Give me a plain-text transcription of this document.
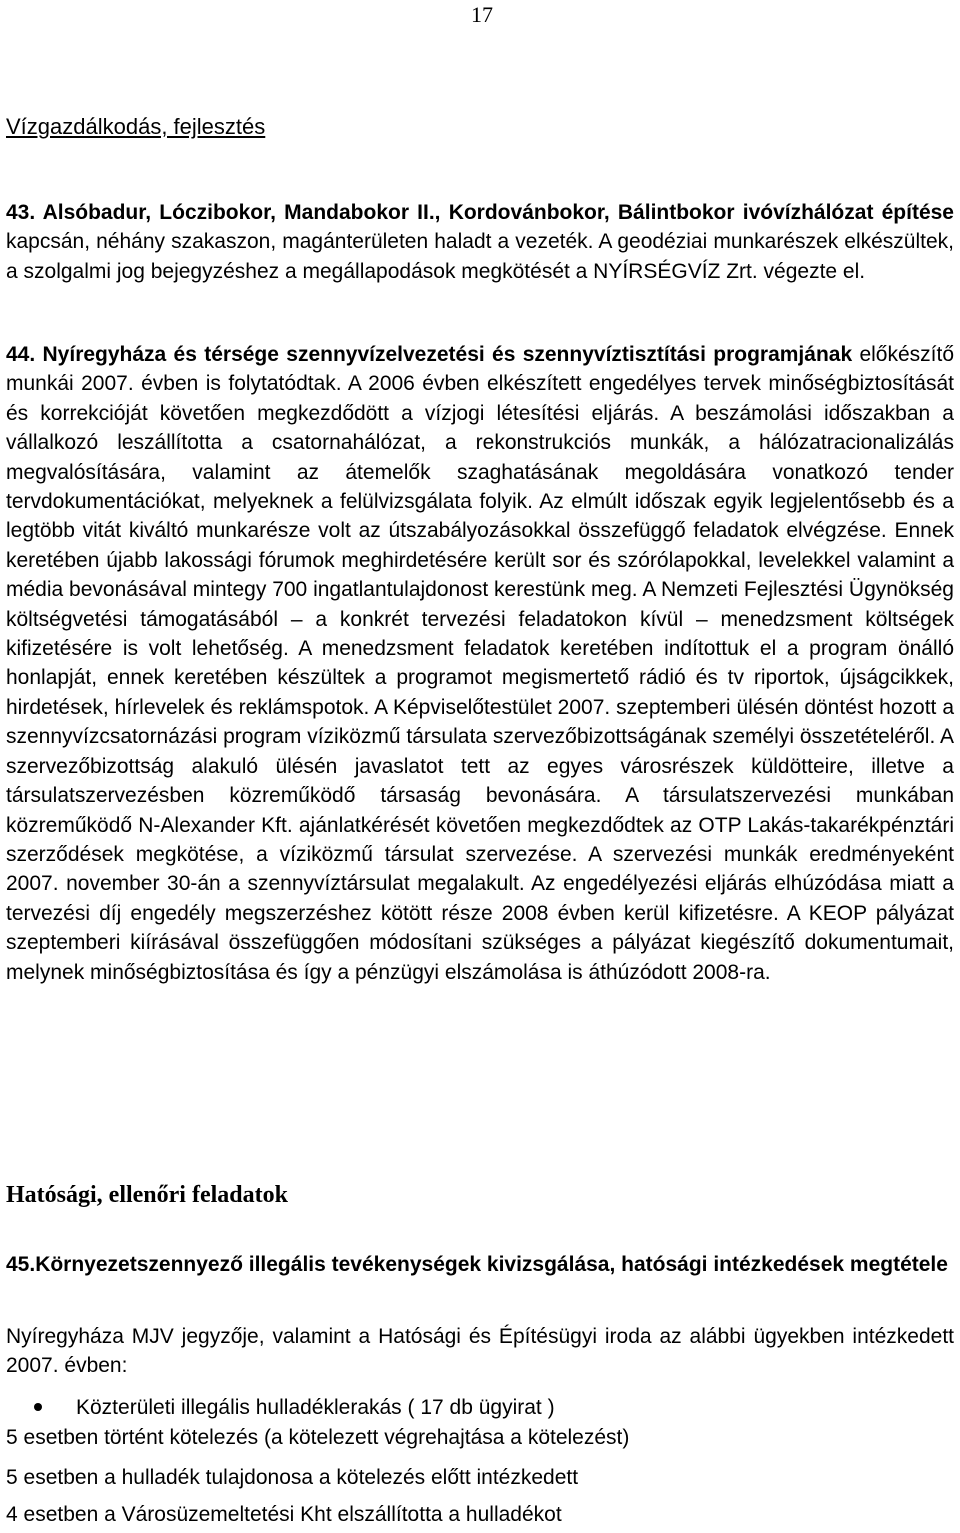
17
Vízgazdálkodás, fejlesztés

43. Alsóbadur, Lóczibokor, Mandabokor II., Kordovánbokor, Bálintbokor ivóvízhálózat építése kapcsán, néhány szakaszon, magánterületen haladt a vezeték. A geodéziai munkarészek elkészültek, a szolgalmi jog bejegyzéshez a megállapodások megkötését a NYÍRSÉGVÍZ Zrt. végezte el.

44. Nyíregyháza és térsége szennyvízelvezetési és szennyvíztisztítási programjának előkészítő munkái 2007. évben is folytatódtak. A 2006 évben elkészített engedélyes tervek minőségbiztosítását és korrekcióját követően megkezdődött a vízjogi létesítési eljárás. A beszámolási időszakban a vállalkozó leszállította a csatornahálózat, a rekonstrukciós munkák, a hálózatracionalizálás megvalósítására, valamint az átemelők szaghatásának megoldására vonatkozó tender tervdokumentációkat, melyeknek a felülvizsgálata folyik. Az elmúlt időszak egyik legjelentősebb és a legtöbb vitát kiváltó munkarésze volt az útszabályozásokkal összefüggő feladatok elvégzése. Ennek keretében újabb lakossági fórumok meghirdetésére került sor és szórólapokkal, levelekkel valamint a média bevonásával mintegy 700 ingatlantulajdonost kerestünk meg. A Nemzeti Fejlesztési Ügynökség költségvetési támogatásából – a konkrét tervezési feladatokon kívül – menedzsment költségek kifizetésére is volt lehetőség. A menedzsment feladatok keretében indítottuk el a program önálló honlapját, ennek keretében készültek a programot megismertető rádió és tv riportok, újságcikkek, hirdetések, hírlevelek és reklámspotok. A Képviselőtestület 2007. szeptemberi ülésén döntést hozott a szennyvízcsatornázási program víziközmű társulata szervezőbizottságának személyi összetételéről. A szervezőbizottság alakuló ülésén javaslatot tett az egyes városrészek küldötteire, illetve a társulatszervezésben közreműködő társaság bevonására. A társulatszervezési munkában közreműködő N-Alexander Kft. ajánlatkérését követően megkezdődtek az OTP Lakás-takarékpénztári szerződések megkötése, a víziközmű társulat szervezése. A szervezési munkák eredményeként 2007. november 30-án a szennyvíztársulat megalakult. Az engedélyezési eljárás elhúzódása miatt a tervezési díj engedély megszerzéshez kötött része 2008 évben kerül kifizetésre. A KEOP pályázat szeptemberi kiírásával összefüggően módosítani szükséges a pályázat kiegészítő dokumentumait, melynek minőségbiztosítása és így a pénzügyi elszámolása is áthúzódott 2008-ra.

Hatósági, ellenőri feladatok

45.Környezetszennyező illegális tevékenységek kivizsgálása, hatósági intézkedések megtétele

Nyíregyháza MJV jegyzője, valamint a Hatósági és Építésügyi iroda az alábbi ügyekben intézkedett 2007. évben:

Közterületi illegális hulladéklerakás ( 17 db ügyirat )

5 esetben történt kötelezés (a kötelezett végrehajtása a kötelezést)

5 esetben a hulladék tulajdonosa a kötelezés előtt intézkedett

4 esetben a Városüzemeltetési Kht elszállította a hulladékot
